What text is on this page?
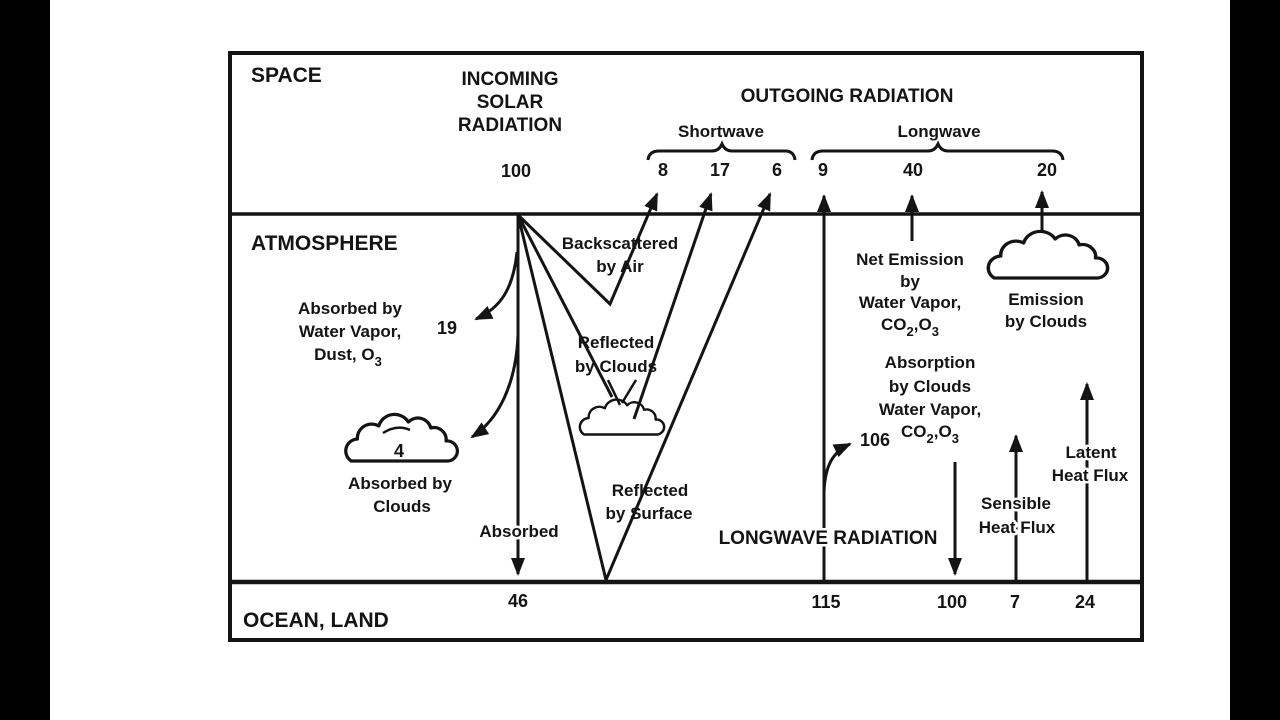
SPACE
ATMOSPHERE
OCEAN, LAND
INCOMING
SOLAR
RADIATION
100
OUTGOING RADIATION
Shortwave	Longwave
8 17 6 9	40	20
Backscattered
by Air
Absorbed by
Water Vapor,
Dust, $O_3$
19
Reflected
by Clouds
4
Absorbed by
Clouds
Absorbed
Reflected
by Surface
Net Emission
by
Water Vapor,
$CO_2,O_3$
Emission
by Clouds
Absorption
by Clouds
Water Vapor,
$CO_2,O_3$
106
LONGWAVE RADIATION
Sensible
Heat Flux
Latent
Heat Flux
46	115	100 7	24
